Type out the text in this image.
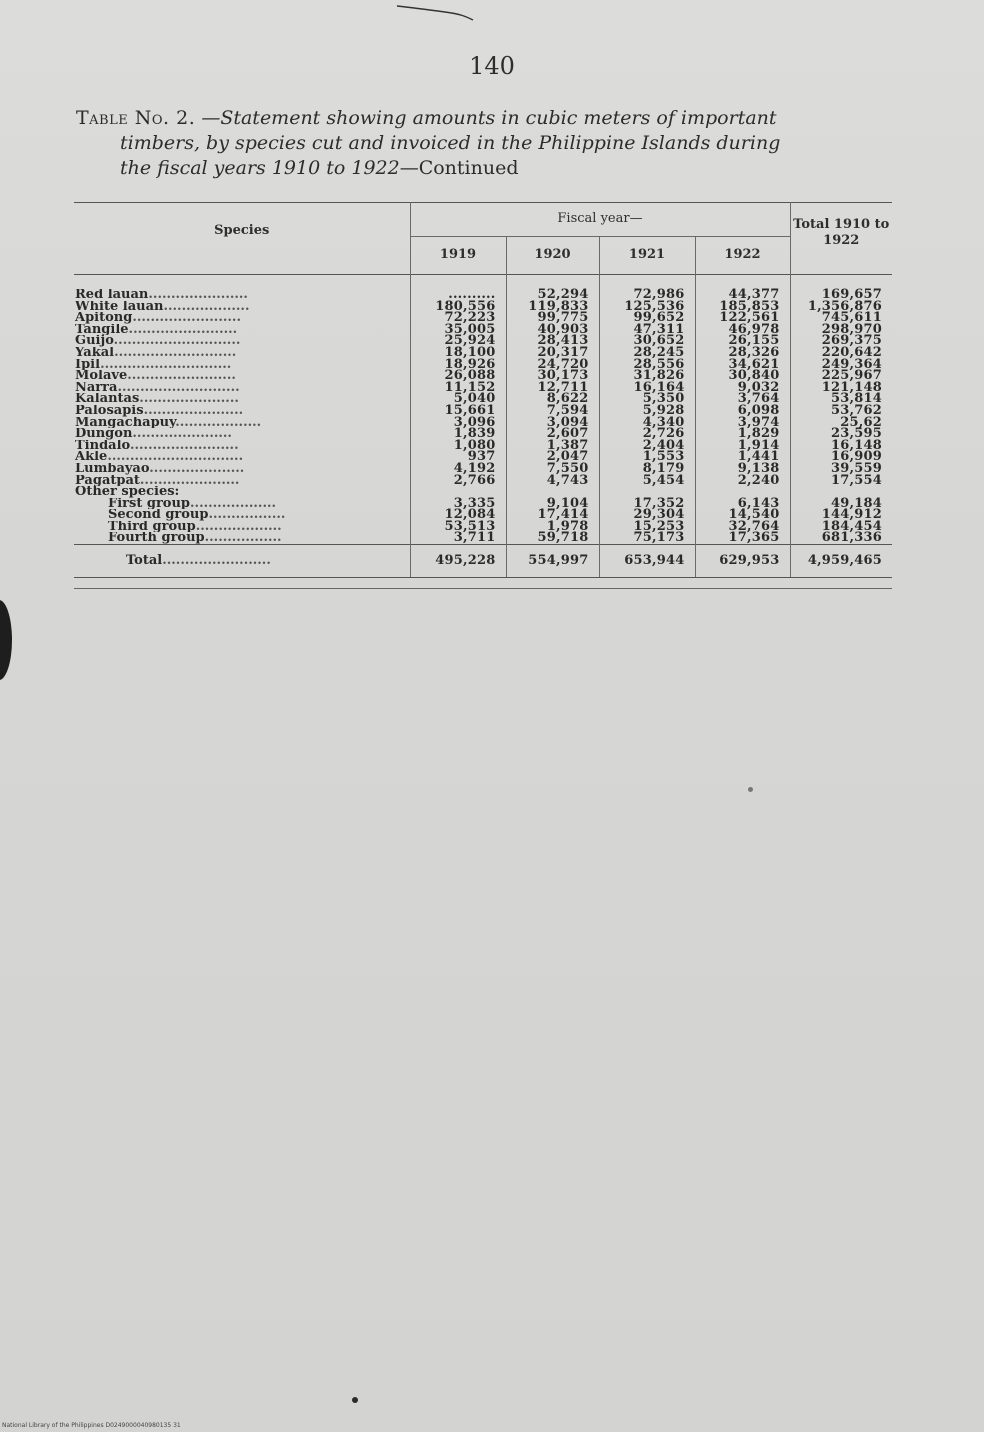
140
Table No. 2. —Statement showing amounts in cubic meters of important
timbers, by species cut and invoiced in the Philippine Islands during
the fiscal years 1910 to 1922—Continued
Species	Fiscal year—				Total 1910 to 1922
	1919	1920	1921	1922	

Red lauan......................	..........	52,294	72,986	44,377	169,657
White lauan...................	180,556	119,833	125,536	185,853	1,356,876
Apitong........................	72,223	99,775	99,652	122,561	745,611
Tangile........................	35,005	40,903	47,311	46,978	298,970
Guijo............................	25,924	28,413	30,652	26,155	269,375
Yakal...........................	18,100	20,317	28,245	28,326	220,642
Ipil.............................	18,926	24,720	28,556	34,621	249,364
Molave........................	26,088	30,173	31,826	30,840	225,967
Narra...........................	11,152	12,711	16,164	9,032	121,148
Kalantas......................	5,040	8,622	5,350	3,764	53,814
Palosapis......................	15,661	7,594	5,928	6,098	53,762
Mangachapuy...................	3,096	3,094	4,340	3,974	25,62
Dungon......................	1,839	2,607	2,726	1,829	23,595
Tindalo........................	1,080	1,387	2,404	1,914	16,148
Akle..............................	937	2,047	1,553	1,441	16,909
Lumbayao.....................	4,192	7,550	8,179	9,138	39,559
Pagatpat......................	2,766	4,743	5,454	2,240	17,554

Other species:					
First group...................	3,335	9,104	17,352	6,143	49,184
Second group.................	12,084	17,414	29,304	14,540	144,912
Third group...................	53,513	1,978	15,253	32,764	184,454
Fourth group.................	3,711	59,718	75,173	17,365	681,336
Total........................	495,228	554,997	653,944	629,953	4,959,465
National Library of the Philippines D0249000040980135 31
